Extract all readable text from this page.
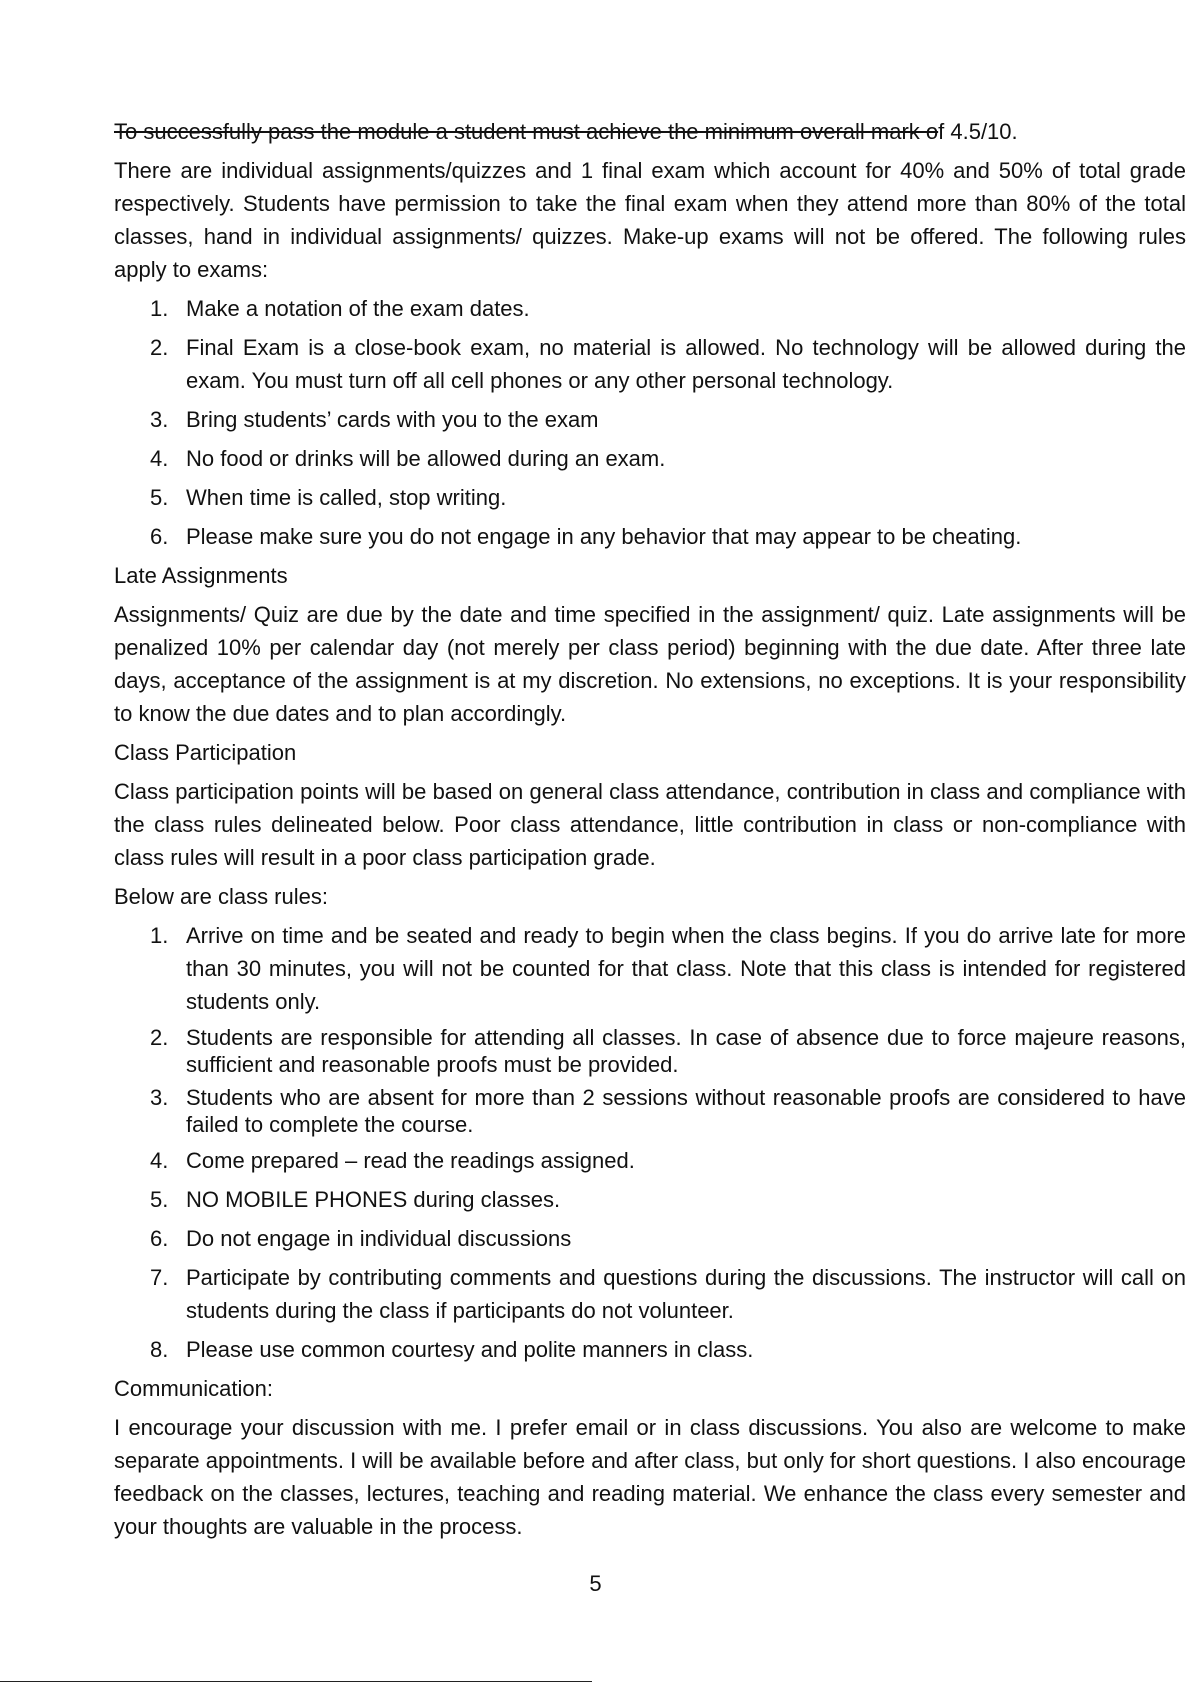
To successfully pass the module a student must achieve the minimum overall mark of 4.5/10.

There are individual assignments/quizzes and 1 final exam which account for 40% and 50% of total grade respectively. Students have permission to take the final exam when they attend more than 80% of the total classes, hand in individual assignments/ quizzes. Make-up exams will not be offered. The following rules apply to exams:

1. Make a notation of the exam dates.
2. Final Exam is a close-book exam, no material is allowed. No technology will be allowed during the exam. You must turn off all cell phones or any other personal technology.
3. Bring students’ cards with you to the exam
4. No food or drinks will be allowed during an exam.
5. When time is called, stop writing.
6. Please make sure you do not engage in any behavior that may appear to be cheating.
Late Assignments

Assignments/ Quiz are due by the date and time specified in the assignment/ quiz. Late assignments will be penalized 10% per calendar day (not merely per class period) beginning with the due date. After three late days, acceptance of the assignment is at my discretion. No extensions, no exceptions. It is your responsibility to know the due dates and to plan accordingly.

Class Participation

Class participation points will be based on general class attendance, contribution in class and compliance with the class rules delineated below. Poor class attendance, little contribution in class or non-compliance with class rules will result in a poor class participation grade.

Below are class rules:
1. Arrive on time and be seated and ready to begin when the class begins. If you do arrive late for more than 30 minutes, you will not be counted for that class. Note that this class is intended for registered students only.
2. Students are responsible for attending all classes. In case of absence due to force majeure reasons, sufficient and reasonable proofs must be provided.
3. Students who are absent for more than 2 sessions without reasonable proofs are considered to have failed to complete the course.
4. Come prepared – read the readings assigned.
5. NO MOBILE PHONES during classes.
6. Do not engage in individual discussions
7. Participate by contributing comments and questions during the discussions. The instructor will call on students during the class if participants do not volunteer.
8. Please use common courtesy and polite manners in class.
Communication:

I encourage your discussion with me. I prefer email or in class discussions. You also are welcome to make separate appointments. I will be available before and after class, but only for short questions. I also encourage feedback on the classes, lectures, teaching and reading material. We enhance the class every semester and your thoughts are valuable in the process.

5
